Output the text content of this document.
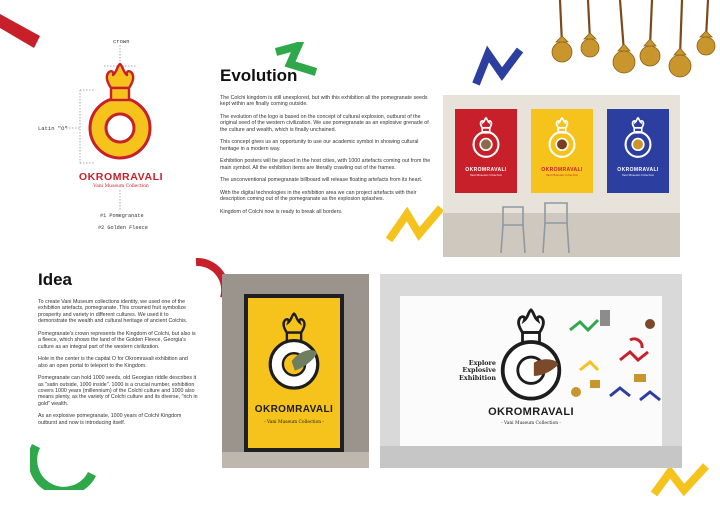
crown
Latin "O"
OKROMRAVALI
Vani Museum Collection
#1 Pomegranate
#2 Golden Fleece
Evolution

The Colchi kingdom is still unexplored, but with this exhibition all the pomegranate seeds kept within are finally coming outside.

The evolution of the logo is based on the concept of cultural explosion, outburst of the original seed of the western civilization. We use pomegranate as an explosive grenade of the culture and wealth, which is finally unchained.

This concept gives us an opportunity to use our academic symbol in showing cultural heritage in a modern way.

Exhibition posters will be placed in the host cities, with 1000 artefacts coming out from the main symbol. All the exhibition items are literally crawling out of the frames.

The unconventional pomegranate billboard will release floating artefacts from its heart.

With the digital technologies in the exhibition area we can project artefacts with their description coming out of the pomegranate as the explosion splashes.

Kingdom of Colchi now is ready to break all borders.

OKROMRAVALI
Vani Museum Collection
OKROMRAVALI
Vani Museum Collection
OKROMRAVALI
Vani Museum Collection
Idea

To create Vani Museum collections identity, we used one of the exhibition artefacts, pomegranate. This crowned fruit symbolize prosperity and variety in different cultures. We used it to demonstrate the wealth and cultural heritage of ancient Colchis.

Pomegranate's crown represents the Kingdom of Colchi, but also is a fleece, which shows the land of the Golden Fleece, Georgia's culture as an integral part of the western civilization.

Hole in the center is the capital O for Okromravali exhibition and also an open portal to teleport to the Kingdom.

Pomegranate can hold 1000 seeds, old Georgian riddle describes it as "satin outside, 1000 inside". 1000 is a crucial number, exhibition covers 1000 years (millennium) of the Colchi culture and 1000 also means plenty, as the variety of Colchi culture and its diverse, "rich in gold" wealth.

As an explosive pomegranate, 1000 years of Colchi Kingdom outburst and now is introducing itself.

OKROMRAVALI
- Vani Museum Collection -
Explore
Explosive
Exhibition
OKROMRAVALI
- Vani Museum Collection -
